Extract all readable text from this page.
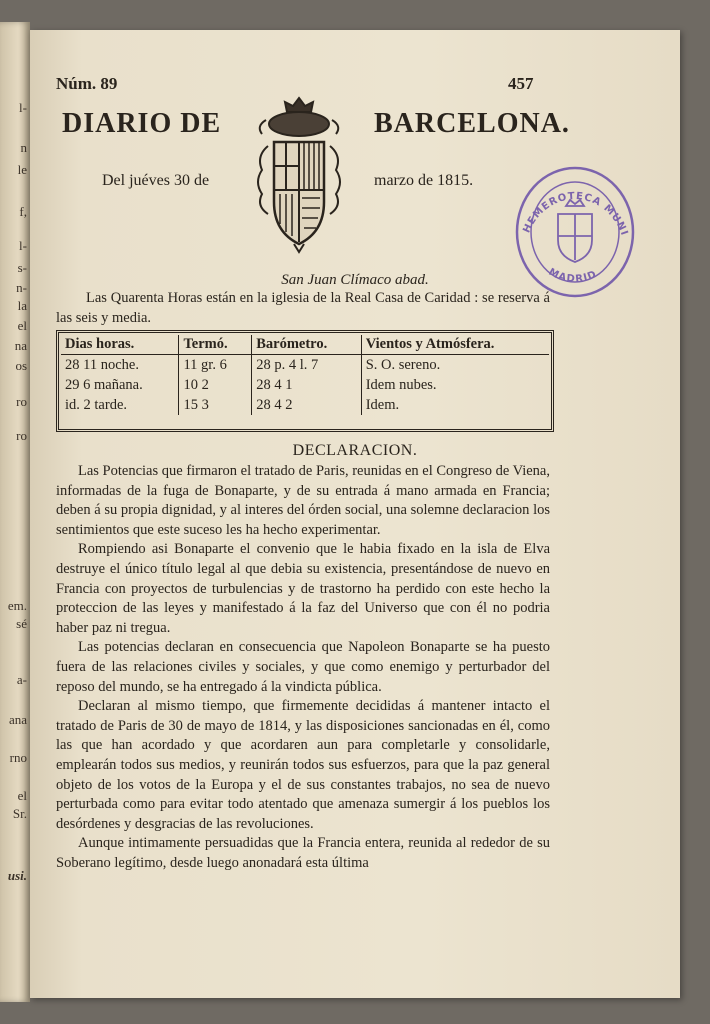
l-
n
le
f,
l-
s-
n-
la
el
na
os
ro
ro
em.
sé
a-
ana
rno
el
Sr.
usi.
Núm. 89	457
DIARIO DE	BARCELONA.
Del juéves 30 de	marzo de 1815.
HEMEROTECA MUNI
MADRID
San Juan Clímaco abad.
Las Quarenta Horas están en la iglesia de la Real Casa de Caridad : se reserva á las seis y media.
Dias horas.	Termó.	Barómetro.	Vientos y Atmósfera.
28 11 noche.	11 gr. 6	28 p. 4 l. 7	S. O. sereno.
29 6 mañana.	10 2	28 4 1	Idem nubes.
id. 2 tarde.	15 3	28 4 2	Idem.
DECLARACION.

Las Potencias que firmaron el tratado de Paris, reunidas en el Congreso de Viena, informadas de la fuga de Bonaparte, y de su entrada á mano armada en Francia; deben á su propia dignidad, y al interes del órden social, una solemne declaracion los sentimientos que este suceso les ha hecho experimentar.

Rompiendo asi Bonaparte el convenio que le habia fixado en la isla de Elva destruye el único título legal al que debia su existencia, presentándose de nuevo en Francia con proyectos de turbulencias y de trastorno ha perdido con este hecho la proteccion de las leyes y manifestado á la faz del Universo que con él no podria haber paz ni tregua.

Las potencias declaran en consecuencia que Napoleon Bonaparte se ha puesto fuera de las relaciones civiles y sociales, y que como enemigo y perturbador del reposo del mundo, se ha entregado á la vindicta pública.

Declaran al mismo tiempo, que firmemente decididas á mantener intacto el tratado de Paris de 30 de mayo de 1814, y las disposiciones sancionadas en él, como las que han acordado y que acordaren aun para completarle y consolidarle, emplearán todos sus medios, y reunirán todos sus esfuerzos, para que la paz general objeto de los votos de la Europa y el de sus constantes trabajos, no sea de nuevo perturbada como para evitar todo atentado que amenaza sumergir á los pueblos los desórdenes y desgracias de las revoluciones.

Aunque intimamente persuadidas que la Francia entera, reunida al rededor de su Soberano legítimo, desde luego anonadará esta última
